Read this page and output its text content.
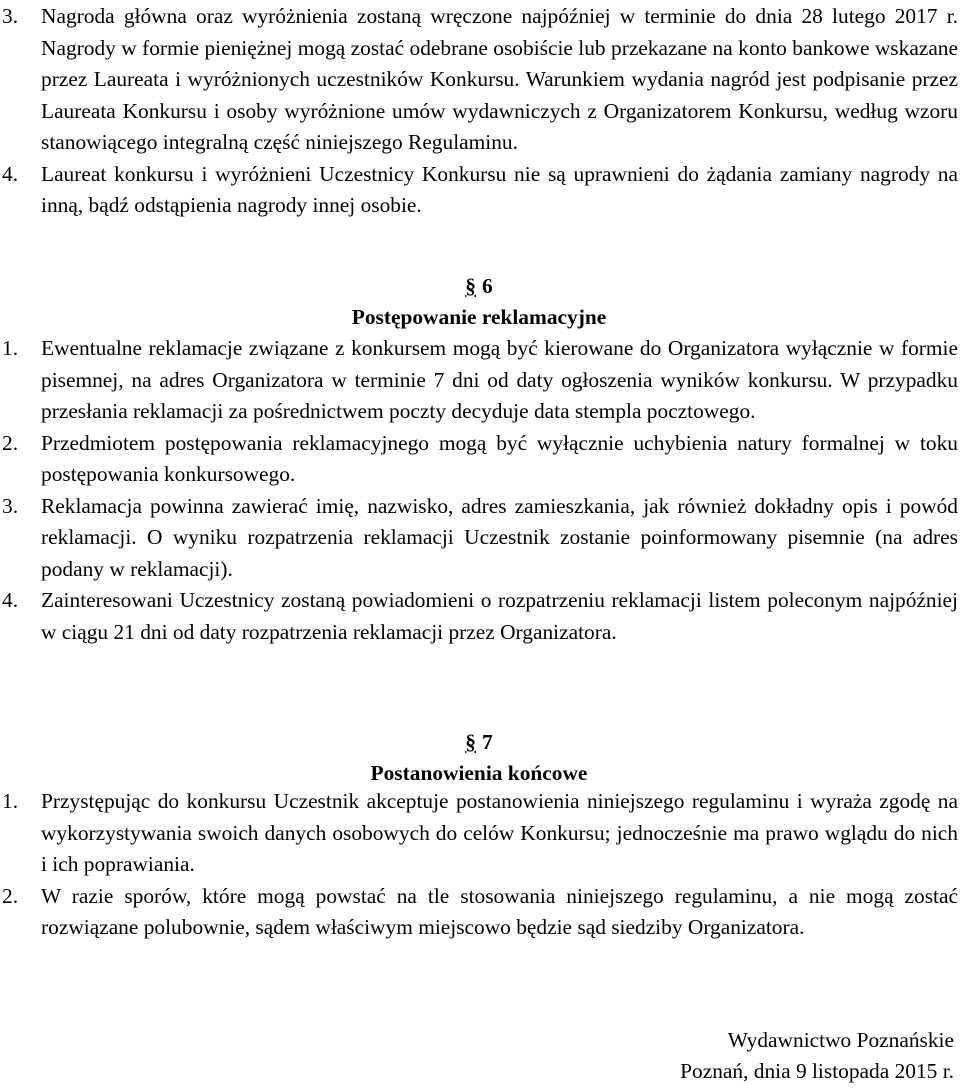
3. Nagroda główna oraz wyróżnienia zostaną wręczone najpóźniej w terminie do dnia 28 lutego 2017 r. Nagrody w formie pieniężnej mogą zostać odebrane osobiście lub przekazane na konto bankowe wskazane przez Laureata i wyróżnionych uczestników Konkursu. Warunkiem wydania nagród jest podpisanie przez Laureata Konkursu i osoby wyróżnione umów wydawniczych z Organizatorem Konkursu, według wzoru stanowiącego integralną część niniejszego Regulaminu.
4. Laureat konkursu i wyróżnieni Uczestnicy Konkursu nie są uprawnieni do żądania zamiany nagrody na inną, bądź odstąpienia nagrody innej osobie.
§ 6
Postępowanie reklamacyjne
1. Ewentualne reklamacje związane z konkursem mogą być kierowane do Organizatora wyłącznie w formie pisemnej, na adres Organizatora w terminie 7 dni od daty ogłoszenia wyników konkursu. W przypadku przesłania reklamacji za pośrednictwem poczty decyduje data stempla pocztowego.
2. Przedmiotem postępowania reklamacyjnego mogą być wyłącznie uchybienia natury formalnej w toku postępowania konkursowego.
3. Reklamacja powinna zawierać imię, nazwisko, adres zamieszkania, jak również dokładny opis i powód reklamacji. O wyniku rozpatrzenia reklamacji Uczestnik zostanie poinformowany pisemnie (na adres podany w reklamacji).
4. Zainteresowani Uczestnicy zostaną powiadomieni o rozpatrzeniu reklamacji listem poleconym najpóźniej w ciągu 21 dni od daty rozpatrzenia reklamacji przez Organizatora.
§ 7
Postanowienia końcowe
1. Przystępując do konkursu Uczestnik akceptuje postanowienia niniejszego regulaminu i wyraża zgodę na wykorzystywania swoich danych osobowych do celów Konkursu; jednocześnie ma prawo wglądu do nich i ich poprawiania.
2. W razie sporów, które mogą powstać na tle stosowania niniejszego regulaminu, a nie mogą zostać rozwiązane polubownie, sądem właściwym miejscowo będzie sąd siedziby Organizatora.
Wydawnictwo Poznańskie
Poznań, dnia 9 listopada 2015 r.
